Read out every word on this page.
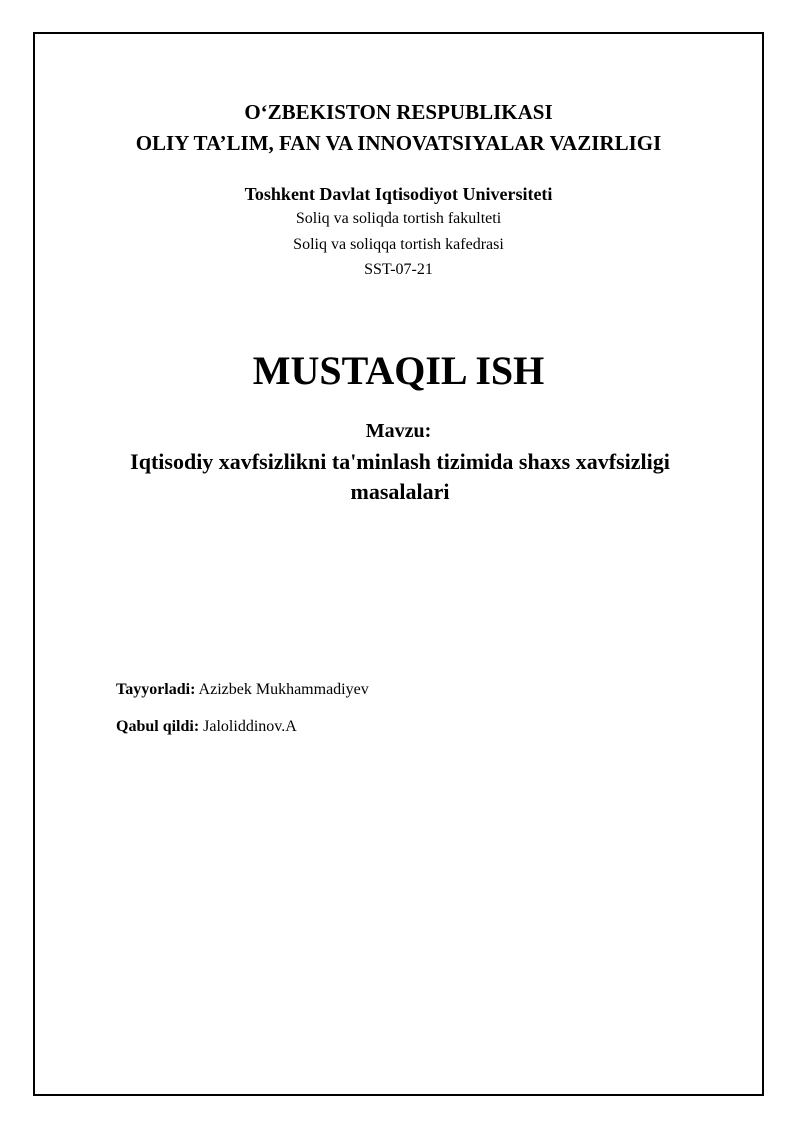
O‘ZBEKISTON RESPUBLIKASI
OLIY TA’LIM, FAN VA INNOVATSIYALAR VAZIRLIGI
Toshkent Davlat Iqtisodiyot Universiteti
Soliq va soliqda tortish fakulteti
Soliq va soliqqa tortish kafedrasi
SST-07-21
MUSTAQIL ISH
Mavzu:
Iqtisodiy xavfsizlikni ta'minlash tizimida shaxs xavfsizligi masalalari
Tayyorladi: Azizbek Mukhammadiyev
Qabul qildi: Jaloliddinov.A
